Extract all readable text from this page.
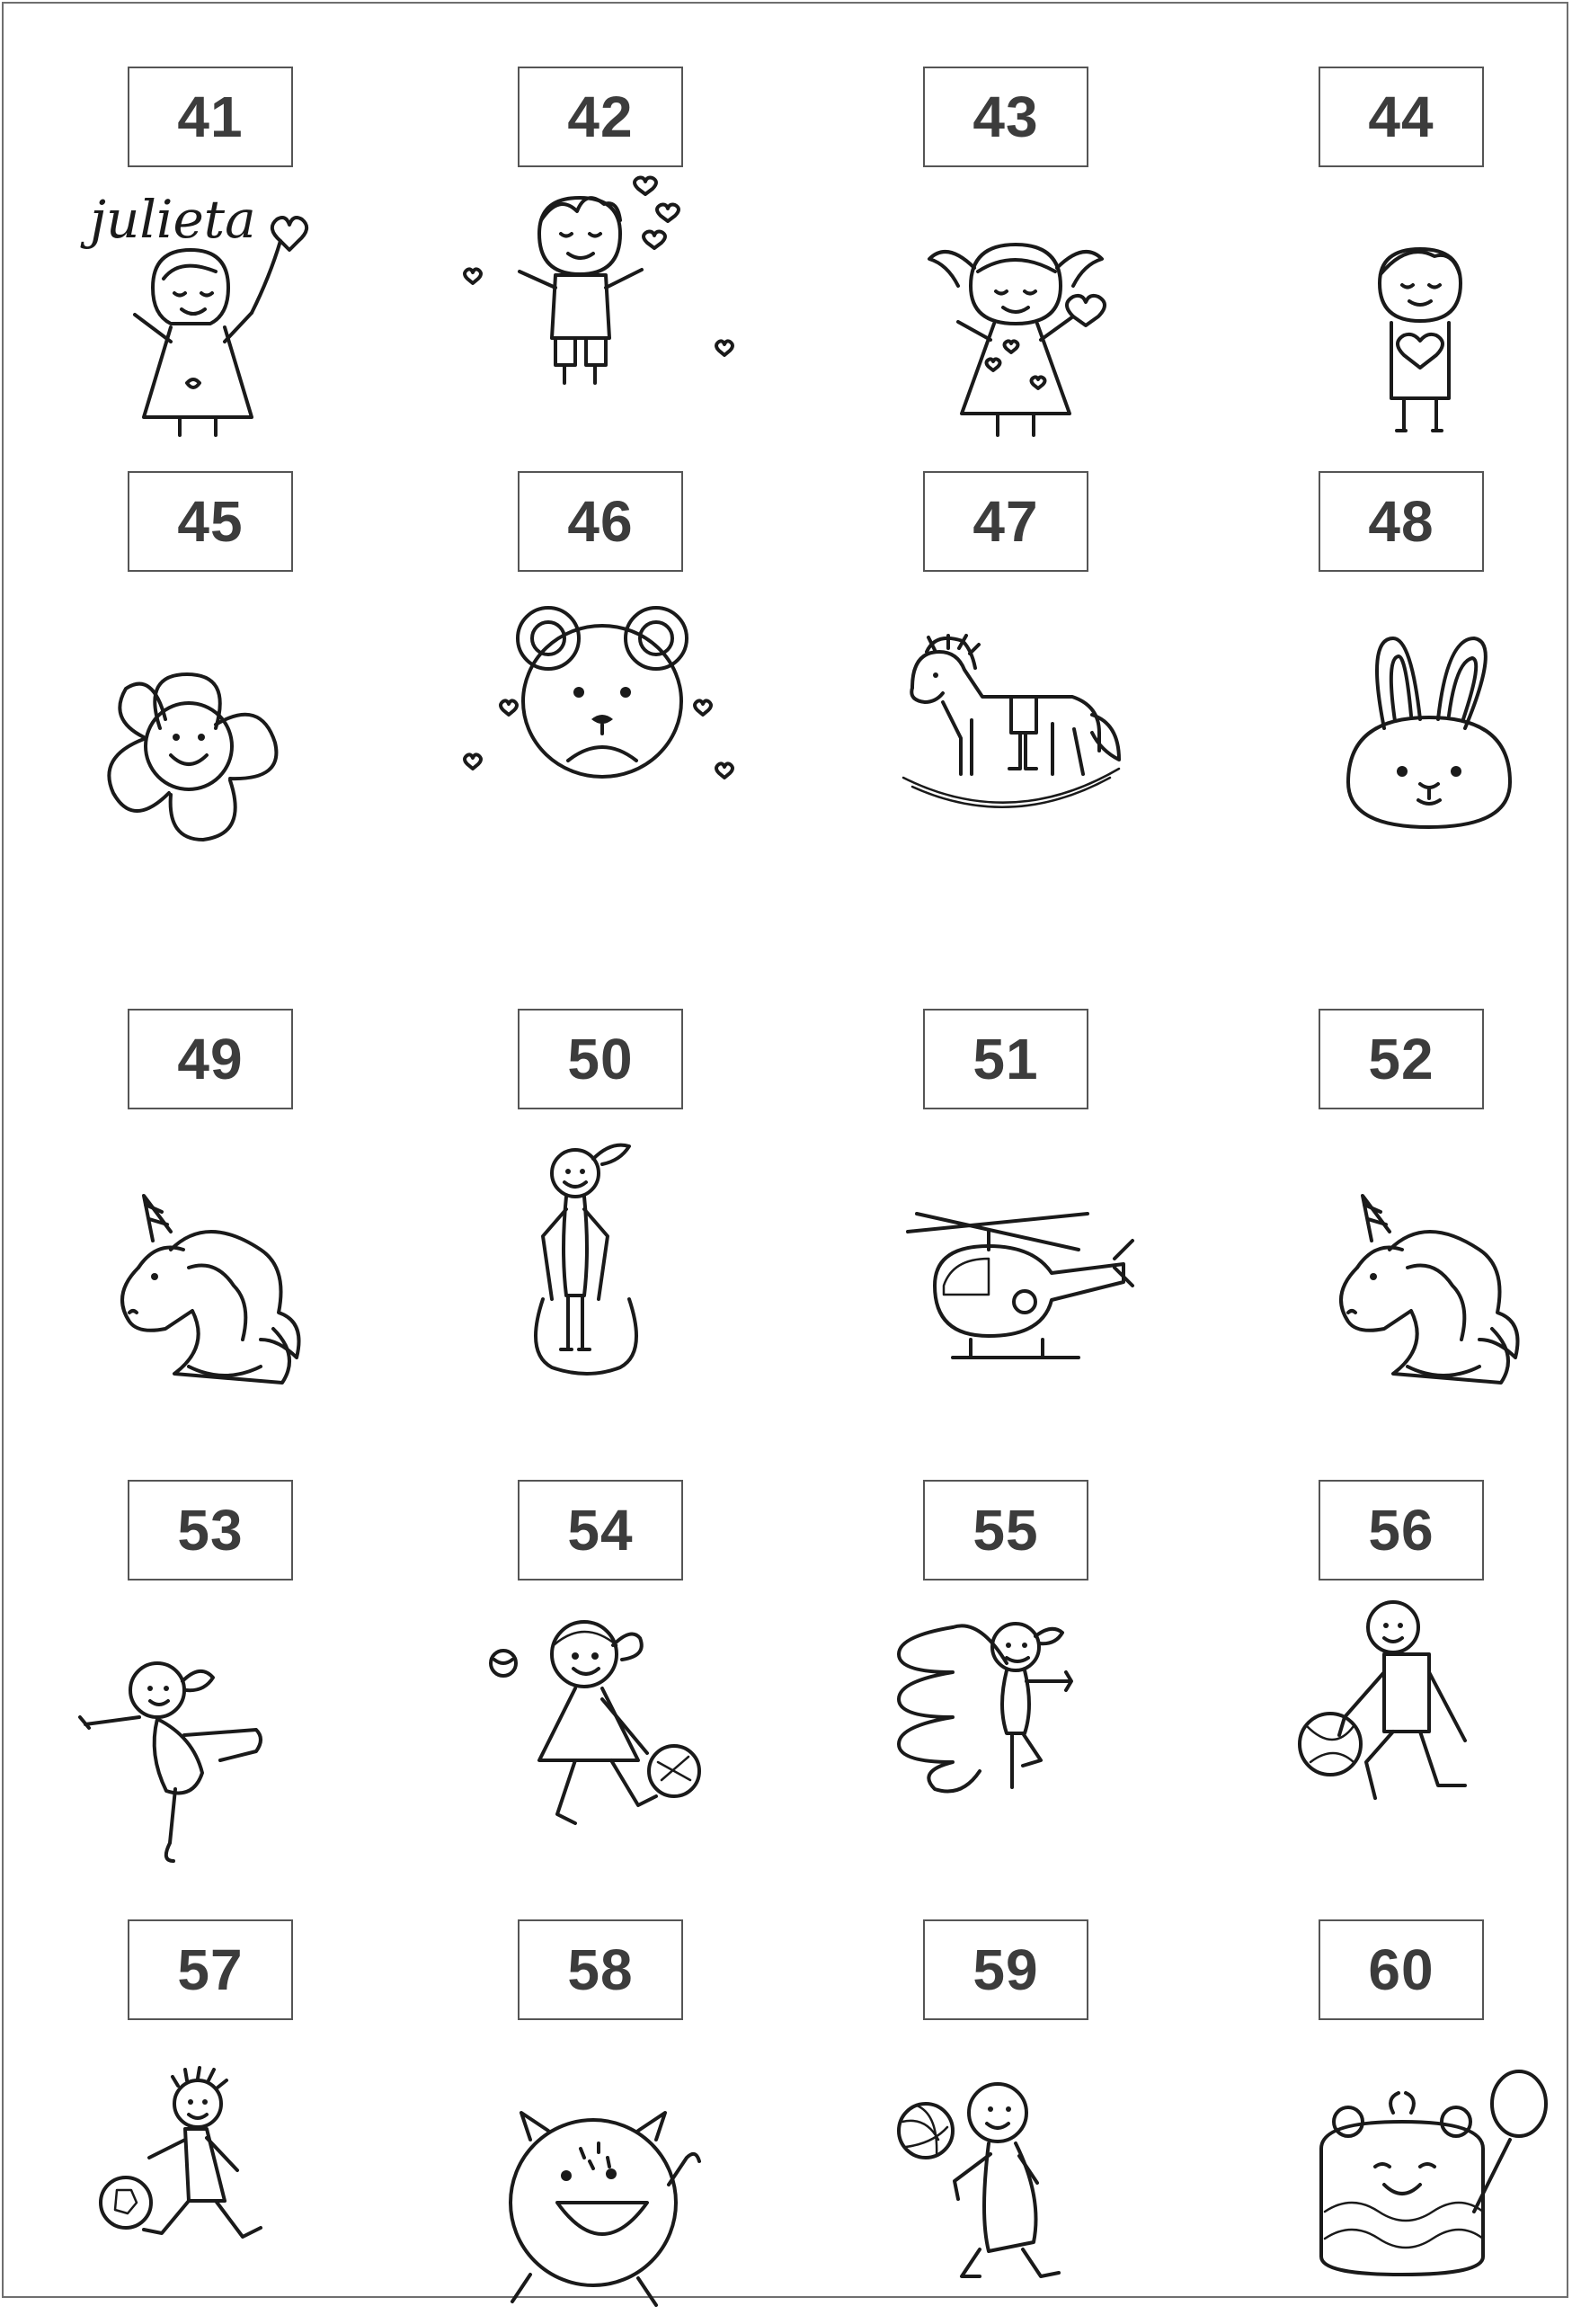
41	42	43	44
45	46	47	48
49	50	51	52
53	54	55	56
57	58	59	60
julieta
